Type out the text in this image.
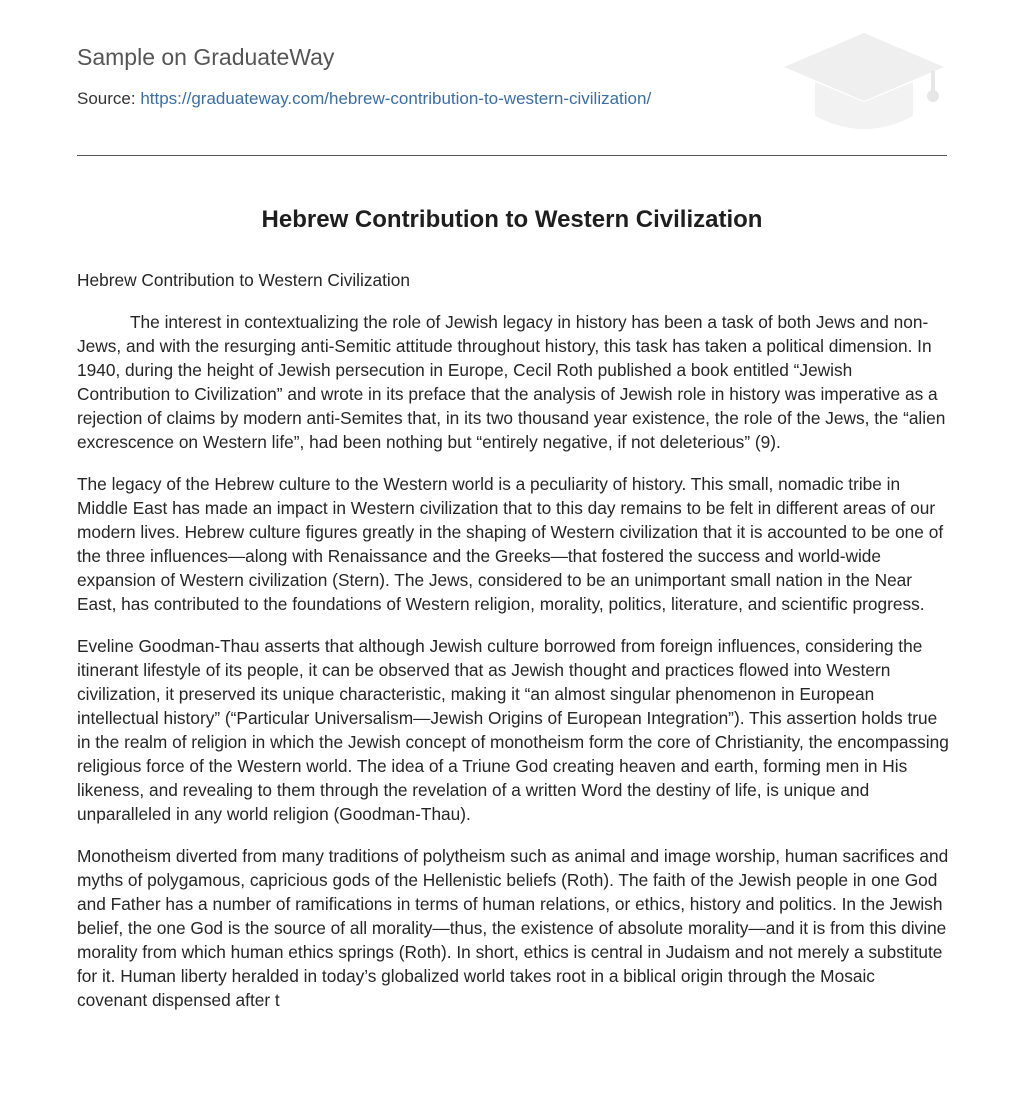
Sample on GraduateWay
Source: https://graduateway.com/hebrew-contribution-to-western-civilization/
Hebrew Contribution to Western Civilization

Hebrew Contribution to Western Civilization

The interest in contextualizing the role of Jewish legacy in history has been a task of both Jews and non-Jews, and with the resurging anti-Semitic attitude throughout history, this task has taken a political dimension. In 1940, during the height of Jewish persecution in Europe, Cecil Roth published a book entitled “Jewish Contribution to Civilization” and wrote in its preface that the analysis of Jewish role in history was imperative as a rejection of claims by modern anti-Semites that, in its two thousand year existence, the role of the Jews, the “alien excrescence on Western life”, had been nothing but “entirely negative, if not deleterious” (9).

The legacy of the Hebrew culture to the Western world is a peculiarity of history. This small, nomadic tribe in Middle East has made an impact in Western civilization that to this day remains to be felt in different areas of our modern lives. Hebrew culture figures greatly in the shaping of Western civilization that it is accounted to be one of the three influences—along with Renaissance and the Greeks—that fostered the success and world-wide expansion of Western civilization (Stern). The Jews, considered to be an unimportant small nation in the Near East, has contributed to the foundations of Western religion, morality, politics, literature, and scientific progress.

Eveline Goodman-Thau asserts that although Jewish culture borrowed from foreign influences, considering the itinerant lifestyle of its people, it can be observed that as Jewish thought and practices flowed into Western civilization, it preserved its unique characteristic, making it “an almost singular phenomenon in European intellectual history” (“Particular Universalism—Jewish Origins of European Integration”). This assertion holds true in the realm of religion in which the Jewish concept of monotheism form the core of Christianity, the encompassing religious force of the Western world. The idea of a Triune God creating heaven and earth, forming men in His likeness, and revealing to them through the revelation of a written Word the destiny of life, is unique and unparalleled in any world religion (Goodman-Thau).

Monotheism diverted from many traditions of polytheism such as animal and image worship, human sacrifices and myths of polygamous, capricious gods of the Hellenistic beliefs (Roth). The faith of the Jewish people in one God and Father has a number of ramifications in terms of human relations, or ethics, history and politics. In the Jewish belief, the one God is the source of all morality—thus, the existence of absolute morality—and it is from this divine morality from which human ethics springs (Roth). In short, ethics is central in Judaism and not merely a substitute for it. Human liberty heralded in today’s globalized world takes root in a biblical origin through the Mosaic covenant dispensed after t
